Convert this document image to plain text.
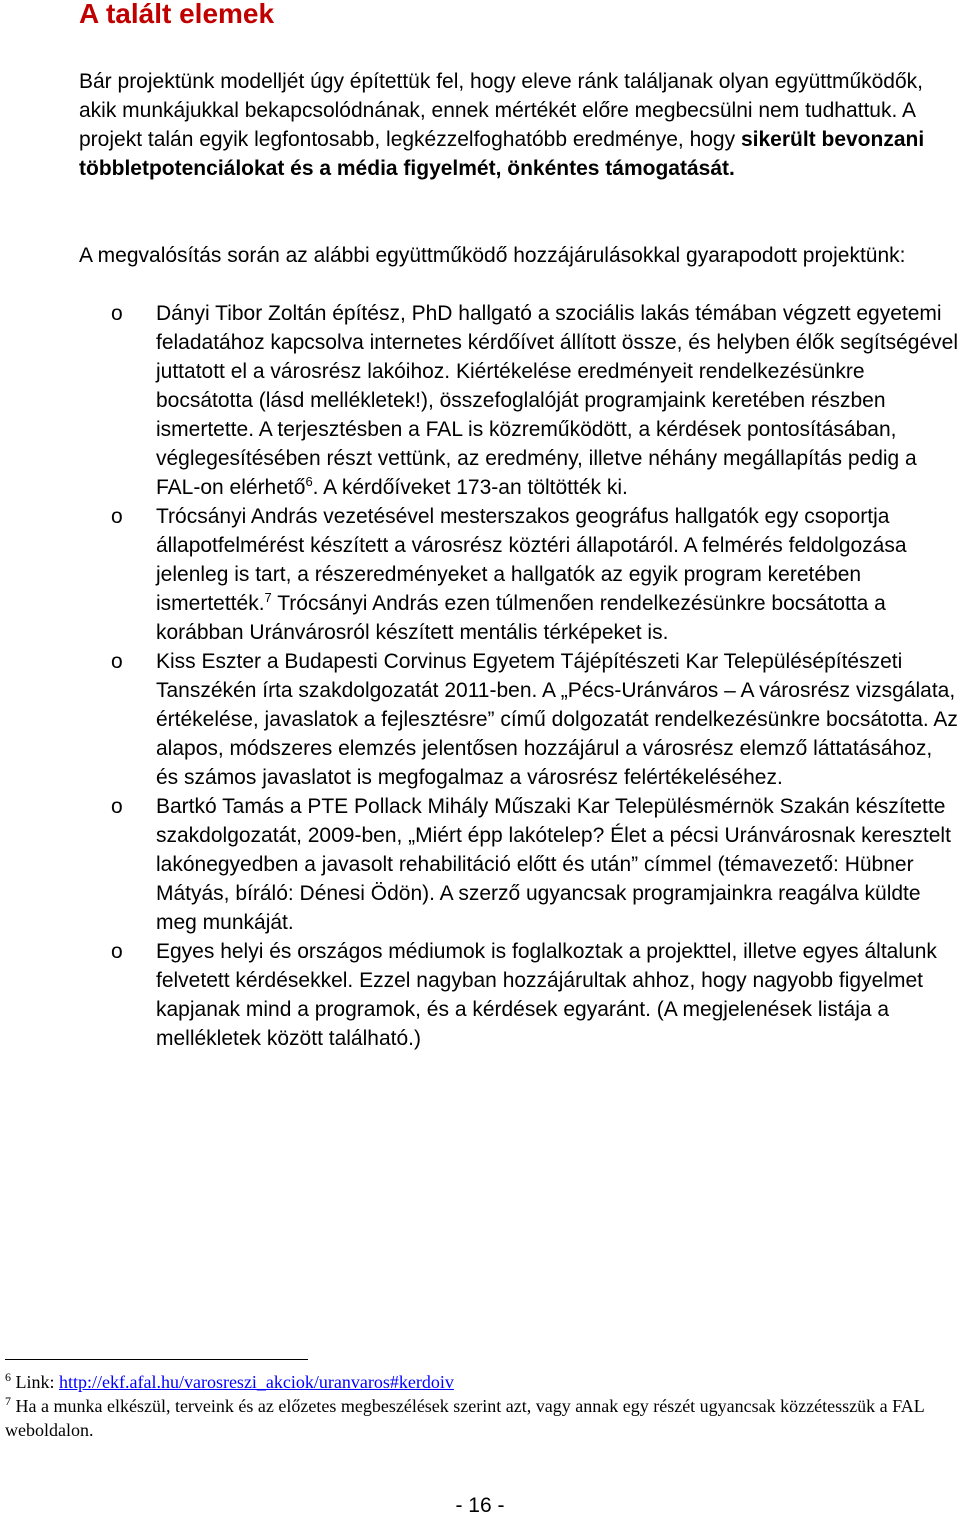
A talált elemek

Bár projektünk modelljét úgy építettük fel, hogy eleve ránk találjanak olyan együttműködők, akik munkájukkal bekapcsolódnának, ennek mértékét előre megbecsülni nem tudhattuk. A projekt talán egyik legfontosabb, legkézzelfoghatóbb eredménye, hogy sikerült bevonzani többletpotenciálokat és a média figyelmét, önkéntes támogatását.

A megvalósítás során az alábbi együttműködő hozzájárulásokkal gyarapodott projektünk:

o Dányi Tibor Zoltán építész, PhD hallgató a szociális lakás témában végzett egyetemi feladatához kapcsolva internetes kérdőívet állított össze, és helyben élők segítségével juttatott el a városrész lakóihoz. Kiértékelése eredményeit rendelkezésünkre bocsátotta (lásd mellékletek!), összefoglalóját programjaink keretében részben ismertette. A terjesztésben a FAL is közreműködött, a kérdések pontosításában, véglegesítésében részt vettünk, az eredmény, illetve néhány megállapítás pedig a FAL-on elérhető$^6$. A kérdőíveket 173-an töltötték ki.
o Trócsányi András vezetésével mesterszakos geográfus hallgatók egy csoportja állapotfelmérést készített a városrész köztéri állapotáról. A felmérés feldolgozása jelenleg is tart, a részeredményeket a hallgatók az egyik program keretében ismertették.$^7$ Trócsányi András ezen túlmenően rendelkezésünkre bocsátotta a korábban Uránvárosról készített mentális térképeket is.
o Kiss Eszter a Budapesti Corvinus Egyetem Tájépítészeti Kar Településépítészeti Tanszékén írta szakdolgozatát 2011-ben. A „Pécs-Uránváros – A városrész vizsgálata, értékelése, javaslatok a fejlesztésre” című dolgozatát rendelkezésünkre bocsátotta. Az alapos, módszeres elemzés jelentősen hozzájárul a városrész elemző láttatásához, és számos javaslatot is megfogalmaz a városrész felértékeléséhez.
o Bartkó Tamás a PTE Pollack Mihály Műszaki Kar Településmérnök Szakán készítette szakdolgozatát, 2009-ben, „Miért épp lakótelep? Élet a pécsi Uránvárosnak keresztelt lakónegyedben a javasolt rehabilitáció előtt és után” címmel (témavezető: Hübner Mátyás, bíráló: Dénesi Ödön). A szerző ugyancsak programjainkra reagálva küldte meg munkáját.
o Egyes helyi és országos médiumok is foglalkoztak a projekttel, illetve egyes általunk felvetett kérdésekkel. Ezzel nagyban hozzájárultak ahhoz, hogy nagyobb figyelmet kapjanak mind a programok, és a kérdések egyaránt. (A megjelenések listája a mellékletek között található.)
$^6$ Link: http://ekf.afal.hu/varosreszi_akciok/uranvaros#kerdoiv
$^7$ Ha a munka elkészül, terveink és az előzetes megbeszélések szerint azt, vagy annak egy részét ugyancsak közzétesszük a FAL weboldalon.
- 16 -
